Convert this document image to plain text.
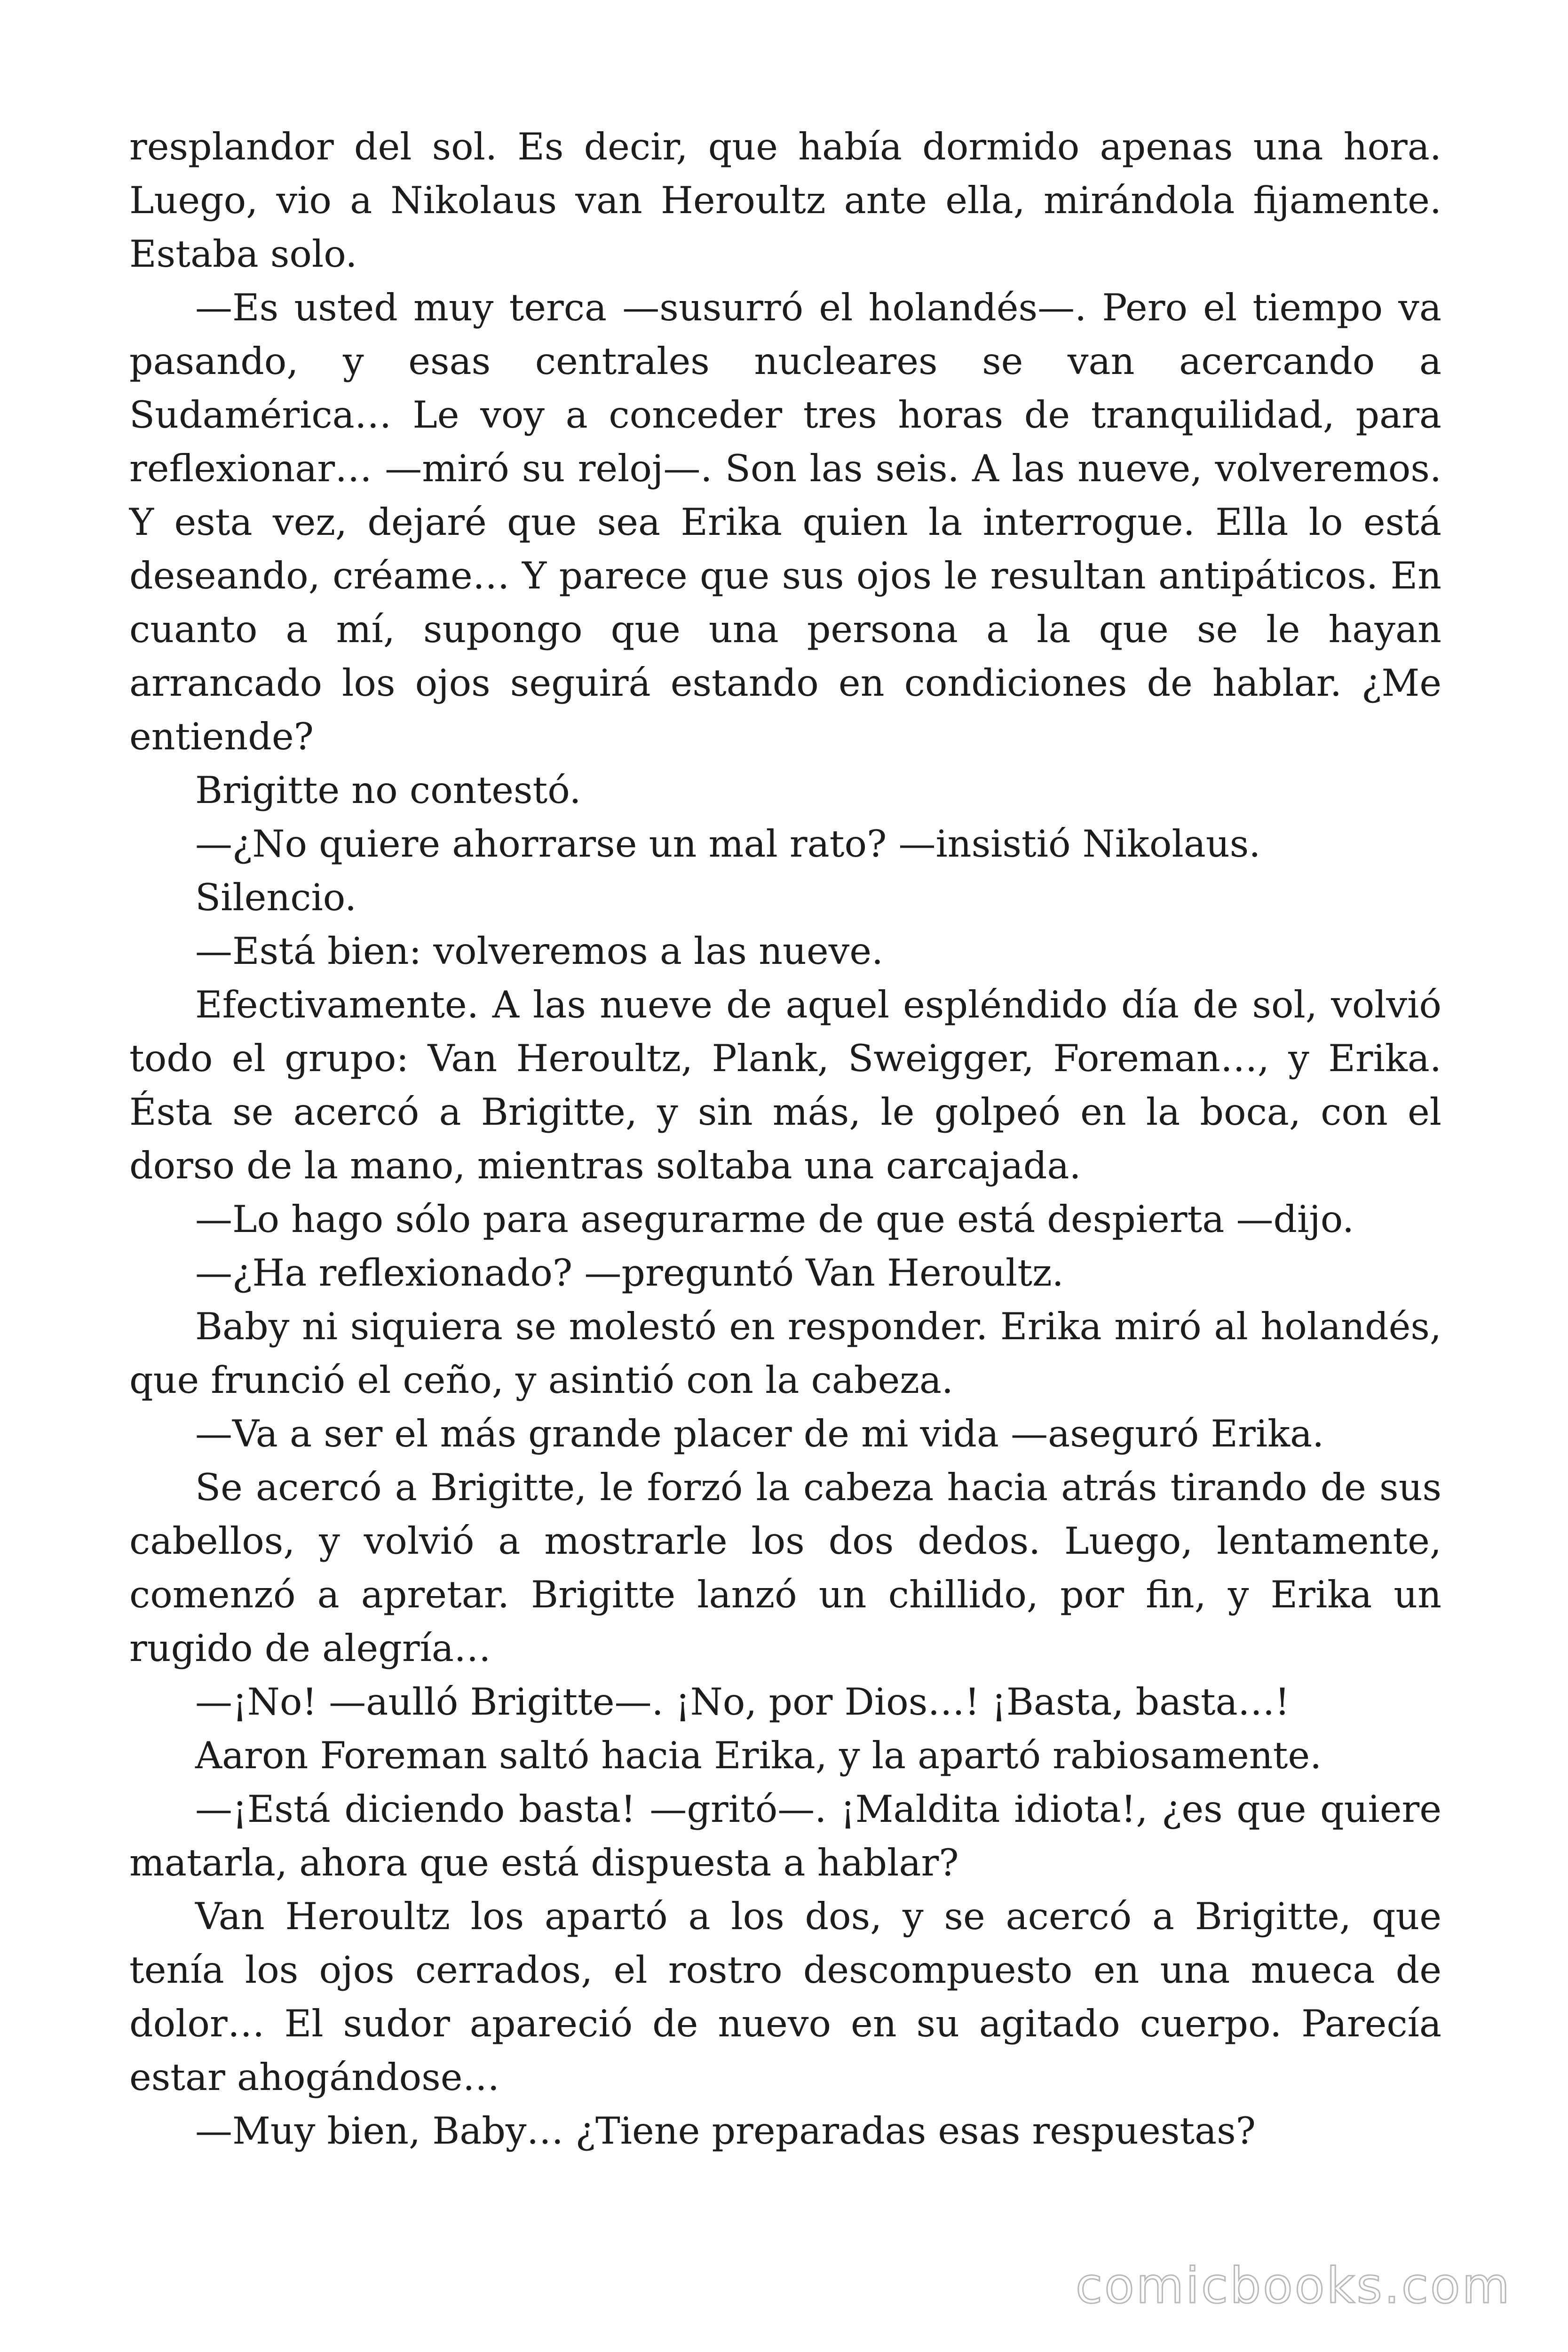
resplandor del sol. Es decir, que había dormido apenas una hora. Luego, vio a Nikolaus van Heroultz ante ella, mirándola fijamente. Estaba solo.

—Es usted muy terca —susurró el holandés—. Pero el tiempo va pasando, y esas centrales nucleares se van acercando a Sudamérica… Le voy a conceder tres horas de tranquilidad, para reflexionar… —miró su reloj—. Son las seis. A las nueve, volveremos. Y esta vez, dejaré que sea Erika quien la interrogue. Ella lo está deseando, créame… Y parece que sus ojos le resultan antipáticos. En cuanto a mí, supongo que una persona a la que se le hayan arrancado los ojos seguirá estando en condiciones de hablar. ¿Me entiende?

Brigitte no contestó.

—¿No quiere ahorrarse un mal rato? —insistió Nikolaus.

Silencio.

—Está bien: volveremos a las nueve.

Efectivamente. A las nueve de aquel espléndido día de sol, volvió todo el grupo: Van Heroultz, Plank, Sweigger, Foreman…, y Erika. Ésta se acercó a Brigitte, y sin más, le golpeó en la boca, con el dorso de la mano, mientras soltaba una carcajada.

—Lo hago sólo para asegurarme de que está despierta —dijo.

—¿Ha reflexionado? —preguntó Van Heroultz.

Baby ni siquiera se molestó en responder. Erika miró al holandés, que frunció el ceño, y asintió con la cabeza.

—Va a ser el más grande placer de mi vida —aseguró Erika.

Se acercó a Brigitte, le forzó la cabeza hacia atrás tirando de sus cabellos, y volvió a mostrarle los dos dedos. Luego, lentamente, comenzó a apretar. Brigitte lanzó un chillido, por fin, y Erika un rugido de alegría…

—¡No! —aulló Brigitte—. ¡No, por Dios…! ¡Basta, basta…!

Aaron Foreman saltó hacia Erika, y la apartó rabiosamente.

—¡Está diciendo basta! —gritó—. ¡Maldita idiota!, ¿es que quiere matarla, ahora que está dispuesta a hablar?

Van Heroultz los apartó a los dos, y se acercó a Brigitte, que tenía los ojos cerrados, el rostro descompuesto en una mueca de dolor… El sudor apareció de nuevo en su agitado cuerpo. Parecía estar ahogándose…

—Muy bien, Baby… ¿Tiene preparadas esas respuestas?

comicbooks.com
